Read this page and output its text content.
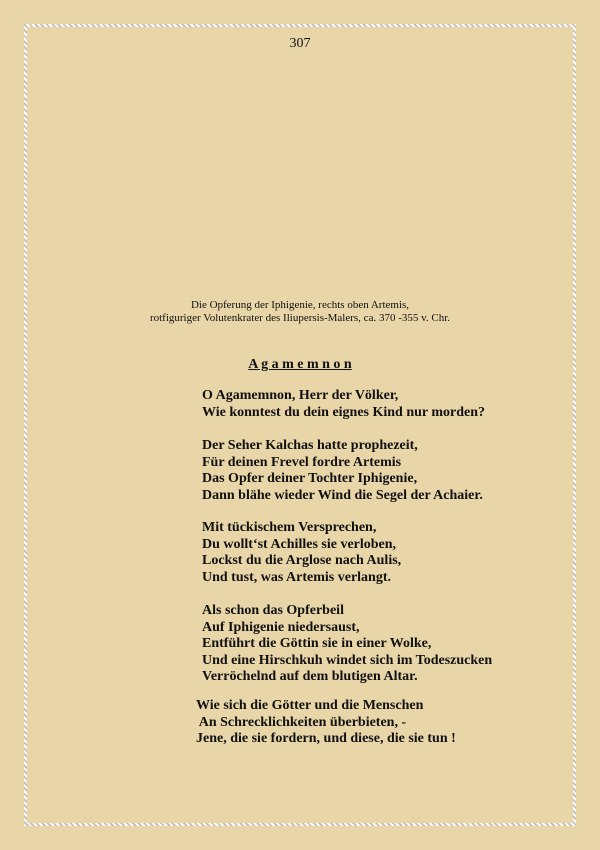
307
Die Opferung der Iphigenie, rechts oben Artemis,
rotfiguriger Volutenkrater des Iliupersis-Malers, ca. 370 -355 v. Chr.
A g a m e m n o n
O Agamemnon, Herr der Völker,
Wie konntest du dein eignes Kind nur morden?
Der Seher Kalchas hatte prophezeit,
Für deinen Frevel fordre Artemis
Das Opfer deiner Tochter Iphigenie,
Dann blähe wieder Wind die Segel der Achaier.
Mit tückischem Versprechen,
Du wollt‘st Achilles sie verloben,
Lockst du die Arglose nach Aulis,
Und tust, was Artemis verlangt.
Als schon das Opferbeil
Auf Iphigenie niedersaust,
Entführt die Göttin sie in einer Wolke,
Und eine Hirschkuh windet sich im Todeszucken
Verröchelnd auf dem blutigen Altar.
Wie sich die Götter und die Menschen
An Schrecklichkeiten überbieten, -
Jene, die sie fordern, und diese, die sie tun !
